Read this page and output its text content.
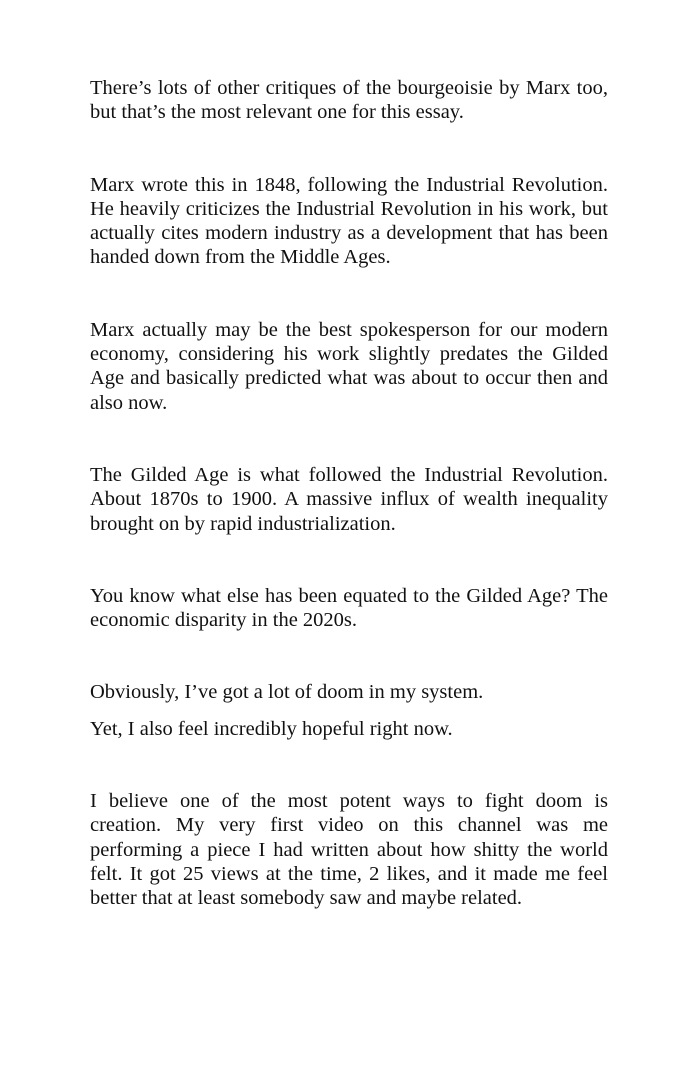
There’s lots of other critiques of the bourgeoisie by Marx too, but that’s the most relevant one for this essay.

Marx wrote this in 1848, following the Industrial Revolution. He heavily criticizes the Industrial Revolution in his work, but actually cites modern industry as a development that has been handed down from the Middle Ages.

Marx actually may be the best spokesperson for our modern economy, considering his work slightly predates the Gilded Age and basically predicted what was about to occur then and also now.

The Gilded Age is what followed the Industrial Revolution. About 1870s to 1900. A massive influx of wealth inequality brought on by rapid industrialization.

You know what else has been equated to the Gilded Age? The economic disparity in the 2020s.

Obviously, I’ve got a lot of doom in my system.

Yet, I also feel incredibly hopeful right now.

I believe one of the most potent ways to fight doom is creation. My very first video on this channel was me performing a piece I had written about how shitty the world felt. It got 25 views at the time, 2 likes, and it made me feel better that at least somebody saw and maybe related.
